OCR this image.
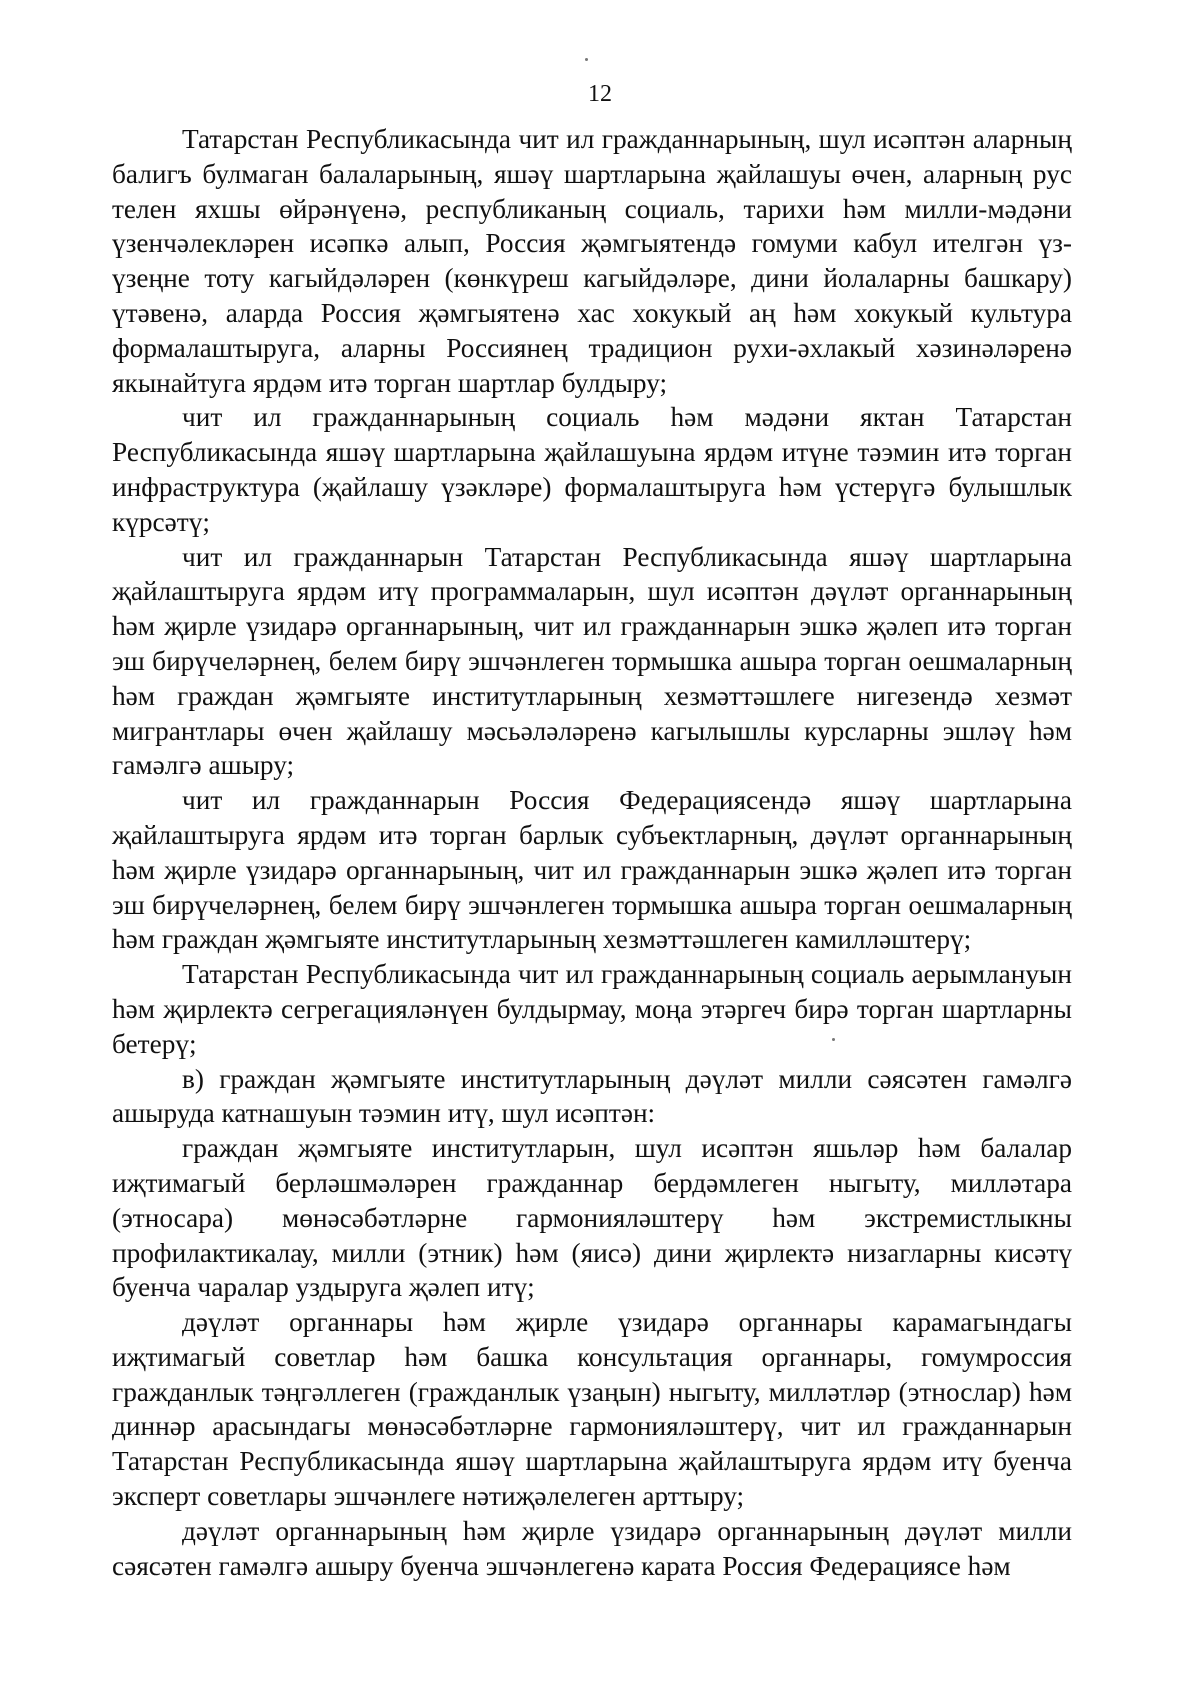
12

Татарстан Республикасында чит ил гражданнарының, шул исәптән аларның балигъ булмаган балаларының, яшәү шартларына җайлашуы өчен, аларның рус телен яхшы өйрәнүенә, республиканың социаль, тарихи һәм милли-мәдәни үзенчәлекләрен исәпкә алып, Россия җәмгыятендә гомуми кабул ителгән үз-үзеңне тоту кагыйдәләрен (көнкүреш кагыйдәләре, дини йолаларны башкару) үтәвенә, аларда Россия җәмгыятенә хас хокукый аң һәм хокукый культура формалаштыруга, аларны Россиянең традицион рухи-әхлакый хәзинәләренә якынайтуга ярдәм итә торган шартлар булдыру;

чит ил гражданнарының социаль һәм мәдәни яктан Татарстан Республикасында яшәү шартларына җайлашуына ярдәм итүне тәэмин итә торган инфраструктура (җайлашу үзәкләре) формалаштыруга һәм үстерүгә булышлык күрсәтү;

чит ил гражданнарын Татарстан Республикасында яшәү шартларына җайлаштыруга ярдәм итү программаларын, шул исәптән дәүләт органнарының һәм җирле үзидарә органнарының, чит ил гражданнарын эшкә җәлеп итә торган эш бирүчеләрнең, белем бирү эшчәнлеген тормышка ашыра торган оешмаларның һәм граждан җәмгыяте институтларының хезмәттәшлеге нигезендә хезмәт мигрантлары өчен җайлашу мәсьәләләренә кагылышлы курсларны эшләү һәм гамәлгә ашыру;

чит ил гражданнарын Россия Федерациясендә яшәү шартларына җайлаштыруга ярдәм итә торган барлык субъектларның, дәүләт органнарының һәм җирле үзидарә органнарының, чит ил гражданнарын эшкә җәлеп итә торган эш бирүчеләрнең, белем бирү эшчәнлеген тормышка ашыра торган оешмаларның һәм граждан җәмгыяте институтларының хезмәттәшлеген камилләштерү;

Татарстан Республикасында чит ил гражданнарының социаль аерымлануын һәм җирлектә сегрегацияләнүен булдырмау, моңа этәргеч бирә торган шартларны бетерү;

в) граждан җәмгыяте институтларының дәүләт милли сәясәтен гамәлгә ашыруда катнашуын тәэмин итү, шул исәптән:

граждан җәмгыяте институтларын, шул исәптән яшьләр һәм балалар иҗтимагый берләшмәләрен гражданнар бердәмлеген ныгыту, милләтара (этносара) мөнәсәбәтләрне гармонияләштерү һәм экстремистлыкны профилактикалау, милли (этник) һәм (яисә) дини җирлектә низагларны кисәтү буенча чаралар уздыруга җәлеп итү;

дәүләт органнары һәм җирле үзидарә органнары карамагындагы иҗтимагый советлар һәм башка консультация органнары, гомумроссия гражданлык тәңгәллеген (гражданлык үзаңын) ныгыту, милләтләр (этнослар) һәм диннәр арасындагы мөнәсәбәтләрне гармонияләштерү, чит ил гражданнарын Татарстан Республикасында яшәү шартларына җайлаштыруга ярдәм итү буенча эксперт советлары эшчәнлеге нәтиҗәлелеген арттыру;

дәүләт органнарының һәм җирле үзидарә органнарының дәүләт милли сәясәтен гамәлгә ашыру буенча эшчәнлегенә карата Россия Федерациясе һәм
